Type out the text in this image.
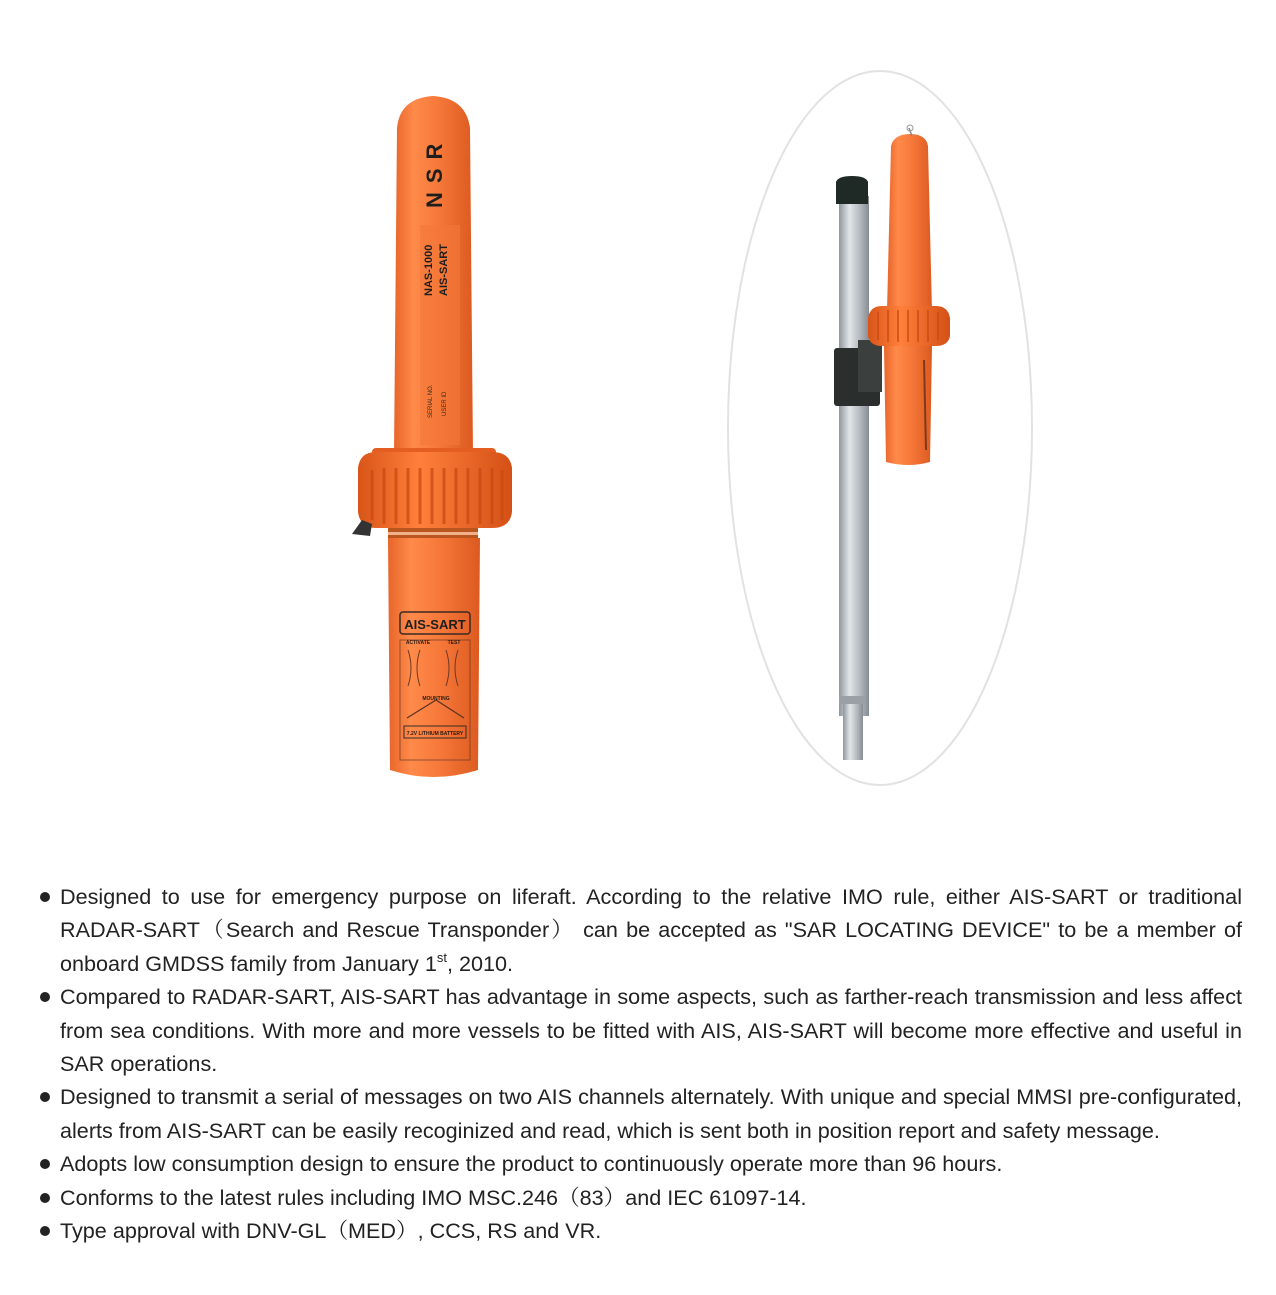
NSR
NAS-1000 AIS-SART
SERIAL NO. USER ID
AIS-SART
ACTIVATE	TEST
MOUNTING
7.2V LITHIUM BATTERY
Designed to use for emergency purpose on liferaft. According to the relative IMO rule, either AIS-SART or traditional RADAR-SART（Search and Rescue Transponder） can be accepted as "SAR LOCATING DEVICE" to be a member of onboard GMDSS family from January 1st, 2010.
Compared to RADAR-SART, AIS-SART has advantage in some aspects, such as farther-reach transmission and less affect from sea conditions. With more and more vessels to be fitted with AIS, AIS-SART will become more effective and useful in SAR operations.
Designed to transmit a serial of messages on two AIS channels alternately. With unique and special MMSI pre-configurated, alerts from AIS-SART can be easily recoginized and read, which is sent both in position report and safety message.
Adopts low consumption design to ensure the product to continuously operate more than 96 hours.
Conforms to the latest rules including IMO MSC.246（83）and IEC 61097-14.
Type approval with DNV-GL（MED）, CCS, RS and VR.
